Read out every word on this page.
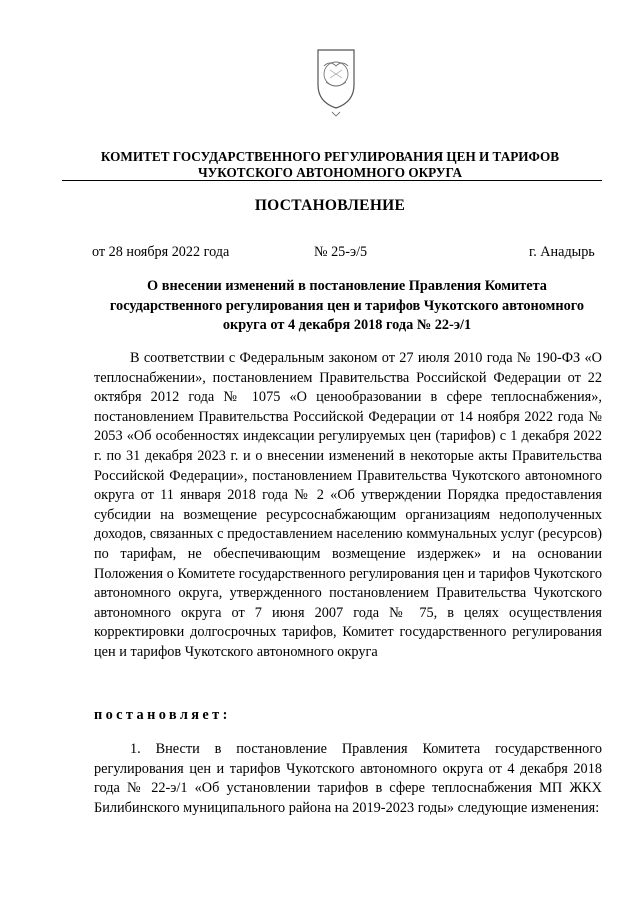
КОМИТЕТ ГОСУДАРСТВЕННОГО РЕГУЛИРОВАНИЯ ЦЕН И ТАРИФОВ
ЧУКОТСКОГО АВТОНОМНОГО ОКРУГА
ПОСТАНОВЛЕНИЕ
от 28 ноября 2022 года	№ 25-э/5	г. Анадырь
О внесении изменений в постановление Правления Комитета государственного регулирования цен и тарифов Чукотского автономного округа от 4 декабря 2018 года № 22-э/1
В соответствии с Федеральным законом от 27 июля 2010 года № 190-ФЗ «О теплоснабжении», постановлением Правительства Российской Федерации от 22 октября 2012 года № 1075 «О ценообразовании в сфере теплоснабжения», постановлением Правительства Российской Федерации от 14 ноября 2022 года № 2053 «Об особенностях индексации регулируемых цен (тарифов) с 1 декабря 2022 г. по 31 декабря 2023 г. и о внесении изменений в некоторые акты Правительства Российской Федерации», постановлением Правительства Чукотского автономного округа от 11 января 2018 года № 2 «Об утверждении Порядка предоставления субсидии на возмещение ресурсоснабжающим организациям недополученных доходов, связанных с предоставлением населению коммунальных услуг (ресурсов) по тарифам, не обеспечивающим возмещение издержек» и на основании Положения о Комитете государственного регулирования цен и тарифов Чукотского автономного округа, утвержденного постановлением Правительства Чукотского автономного округа от 7 июня 2007 года № 75, в целях осуществления корректировки долгосрочных тарифов, Комитет государственного регулирования цен и тарифов Чукотского автономного округа
постановляет:
1. Внести в постановление Правления Комитета государственного регулирования цен и тарифов Чукотского автономного округа от 4 декабря 2018 года № 22-э/1 «Об установлении тарифов в сфере теплоснабжения МП ЖКХ Билибинского муниципального района на 2019-2023 годы» следующие изменения:
